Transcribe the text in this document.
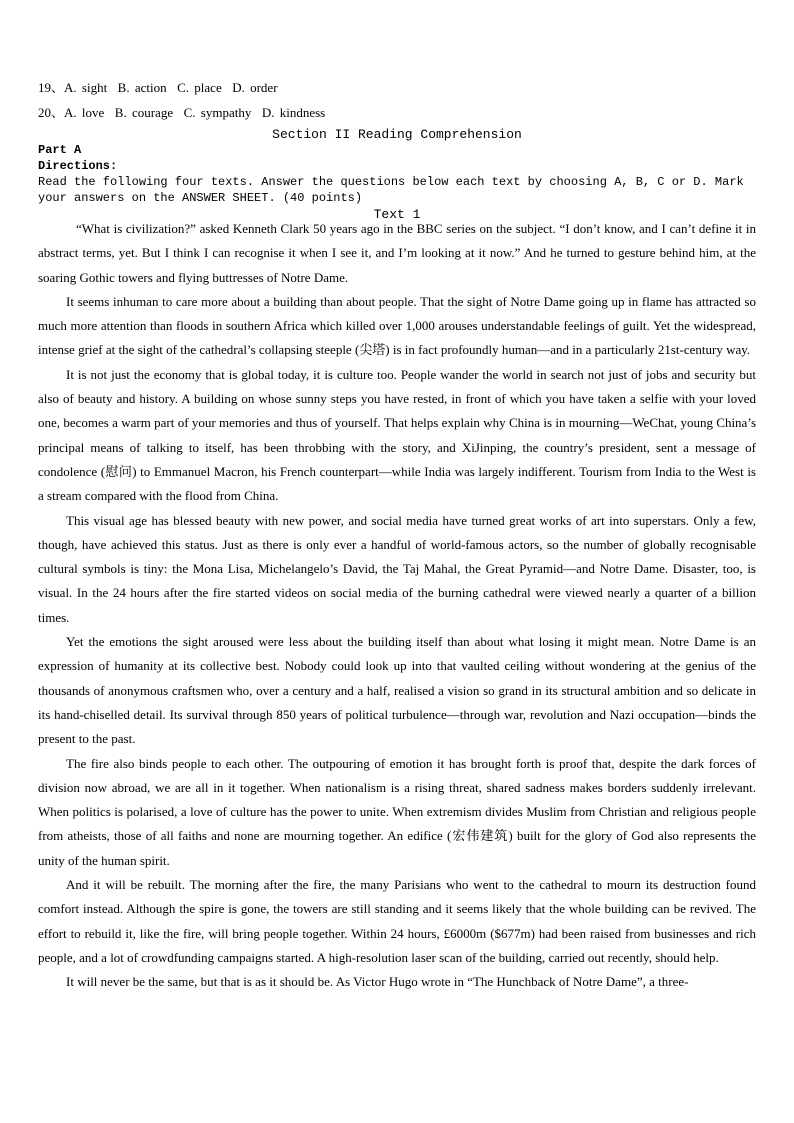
19、A. sight  B. action  C. place  D. order
20、A. love  B. courage  C. sympathy  D. kindness
Section II Reading Comprehension
Part A
Directions:
Read the following four texts. Answer the questions below each text by choosing A, B, C or D. Mark
your answers on the ANSWER SHEET. (40 points)
Text 1

“What is civilization?” asked Kenneth Clark 50 years ago in the BBC series on the subject. “I don’t know, and I can’t define it in abstract terms, yet. But I think I can recognise it when I see it, and I’m looking at it now.” And he turned to gesture behind him, at the soaring Gothic towers and flying buttresses of Notre Dame.

It seems inhuman to care more about a building than about people. That the sight of Notre Dame going up in flame has attracted so much more attention than floods in southern Africa which killed over 1,000 arouses understandable feelings of guilt. Yet the widespread, intense grief at the sight of the cathedral’s collapsing steeple (尖塔) is in fact profoundly human—and in a particularly 21st-century way.

It is not just the economy that is global today, it is culture too. People wander the world in search not just of jobs and security but also of beauty and history. A building on whose sunny steps you have rested, in front of which you have taken a selfie with your loved one, becomes a warm part of your memories and thus of yourself. That helps explain why China is in mourning—WeChat, young China’s principal means of talking to itself, has been throbbing with the story, and XiJinping, the country’s president, sent a message of condolence (慰问) to Emmanuel Macron, his French counterpart—while India was largely indifferent. Tourism from India to the West is a stream compared with the flood from China.

This visual age has blessed beauty with new power, and social media have turned great works of art into superstars. Only a few, though, have achieved this status. Just as there is only ever a handful of world-famous actors, so the number of globally recognisable cultural symbols is tiny: the Mona Lisa, Michelangelo’s David, the Taj Mahal, the Great Pyramid—and Notre Dame. Disaster, too, is visual. In the 24 hours after the fire started videos on social media of the burning cathedral were viewed nearly a quarter of a billion times.

Yet the emotions the sight aroused were less about the building itself than about what losing it might mean. Notre Dame is an expression of humanity at its collective best. Nobody could look up into that vaulted ceiling without wondering at the genius of the thousands of anonymous craftsmen who, over a century and a half, realised a vision so grand in its structural ambition and so delicate in its hand-chiselled detail. Its survival through 850 years of political turbulence—through war, revolution and Nazi occupation—binds the present to the past.

The fire also binds people to each other. The outpouring of emotion it has brought forth is proof that, despite the dark forces of division now abroad, we are all in it together. When nationalism is a rising threat, shared sadness makes borders suddenly irrelevant. When politics is polarised, a love of culture has the power to unite. When extremism divides Muslim from Christian and religious people from atheists, those of all faiths and none are mourning together. An edifice (宏伟建筑) built for the glory of God also represents the unity of the human spirit.

And it will be rebuilt. The morning after the fire, the many Parisians who went to the cathedral to mourn its destruction found comfort instead. Although the spire is gone, the towers are still standing and it seems likely that the whole building can be revived. The effort to rebuild it, like the fire, will bring people together. Within 24 hours, £6000m ($677m) had been raised from businesses and rich people, and a lot of crowdfunding campaigns started. A high-resolution laser scan of the building, carried out recently, should help.

It will never be the same, but that is as it should be. As Victor Hugo wrote in “The Hunchback of Notre Dame”, a three-
